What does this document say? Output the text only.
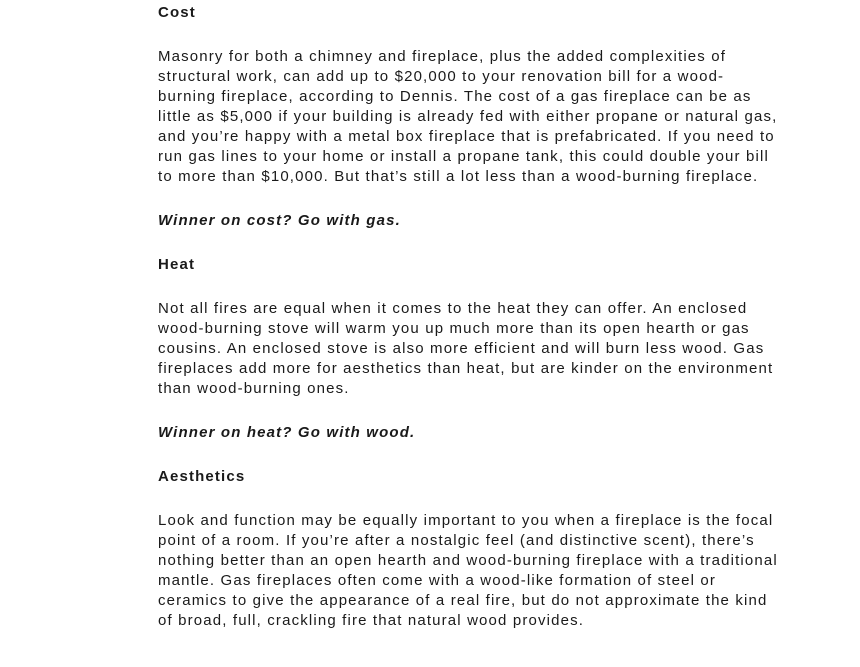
Cost
Masonry for both a chimney and fireplace, plus the added complexities of structural work, can add up to $20,000 to your renovation bill for a wood-burning fireplace, according to Dennis. The cost of a gas fireplace can be as little as $5,000 if your building is already fed with either propane or natural gas, and you’re happy with a metal box fireplace that is prefabricated. If you need to run gas lines to your home or install a propane tank, this could double your bill to more than $10,000. But that’s still a lot less than a wood-burning fireplace.
Winner on cost? Go with gas.
Heat
Not all fires are equal when it comes to the heat they can offer. An enclosed wood-burning stove will warm you up much more than its open hearth or gas cousins. An enclosed stove is also more efficient and will burn less wood. Gas fireplaces add more for aesthetics than heat, but are kinder on the environment than wood-burning ones.
Winner on heat? Go with wood.
Aesthetics
Look and function may be equally important to you when a fireplace is the focal point of a room. If you’re after a nostalgic feel (and distinctive scent), there’s nothing better than an open hearth and wood-burning fireplace with a traditional mantle. Gas fireplaces often come with a wood-like formation of steel or ceramics to give the appearance of a real fire, but do not approximate the kind of broad, full, crackling fire that natural wood provides.
